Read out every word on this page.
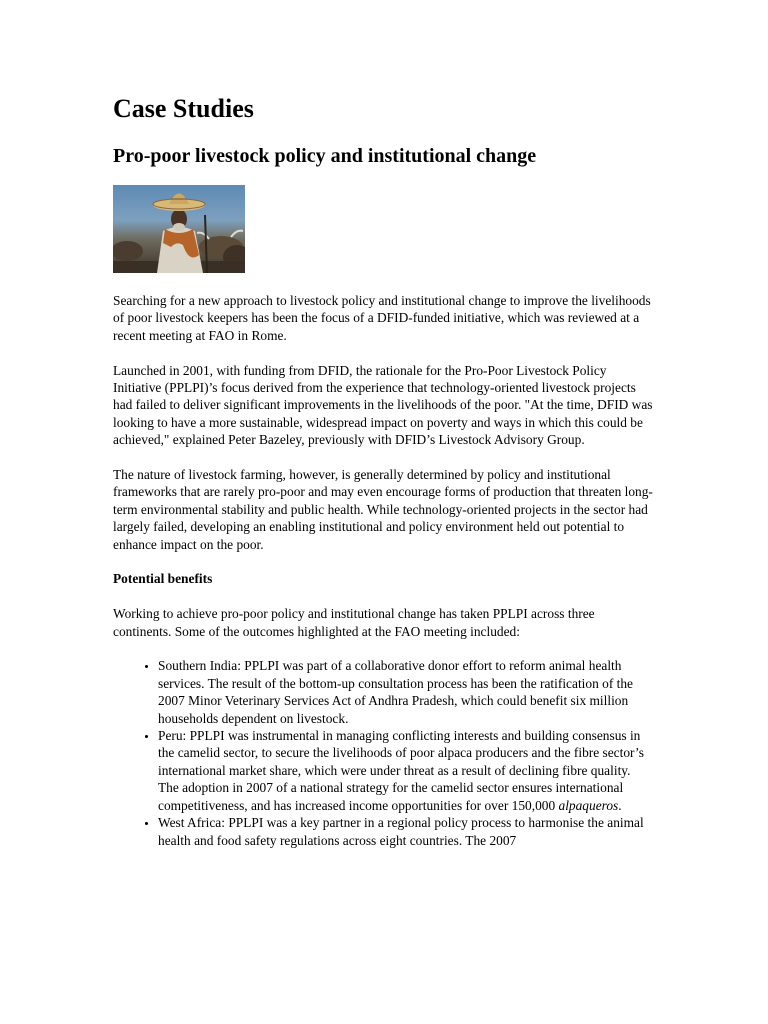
Case Studies
Pro-poor livestock policy and institutional change

Searching for a new approach to livestock policy and institutional change to improve the livelihoods of poor livestock keepers has been the focus of a DFID-funded initiative, which was reviewed at a recent meeting at FAO in Rome.

Launched in 2001, with funding from DFID, the rationale for the Pro-Poor Livestock Policy Initiative (PPLPI)’s focus derived from the experience that technology-oriented livestock projects had failed to deliver significant improvements in the livelihoods of the poor. "At the time, DFID was looking to have a more sustainable, widespread impact on poverty and ways in which this could be achieved," explained Peter Bazeley, previously with DFID’s Livestock Advisory Group.

The nature of livestock farming, however, is generally determined by policy and institutional frameworks that are rarely pro-poor and may even encourage forms of production that threaten long-term environmental stability and public health. While technology-oriented projects in the sector had largely failed, developing an enabling institutional and policy environment held out potential to enhance impact on the poor.

Potential benefits

Working to achieve pro-poor policy and institutional change has taken PPLPI across three continents. Some of the outcomes highlighted at the FAO meeting included:

• Southern India: PPLPI was part of a collaborative donor effort to reform animal health services. The result of the bottom-up consultation process has been the ratification of the 2007 Minor Veterinary Services Act of Andhra Pradesh, which could benefit six million households dependent on livestock.
• Peru: PPLPI was instrumental in managing conflicting interests and building consensus in the camelid sector, to secure the livelihoods of poor alpaca producers and the fibre sector’s international market share, which were under threat as a result of declining fibre quality. The adoption in 2007 of a national strategy for the camelid sector ensures international competitiveness, and has increased income opportunities for over 150,000 alpaqueros.
• West Africa: PPLPI was a key partner in a regional policy process to harmonise the animal health and food safety regulations across eight countries. The 2007
